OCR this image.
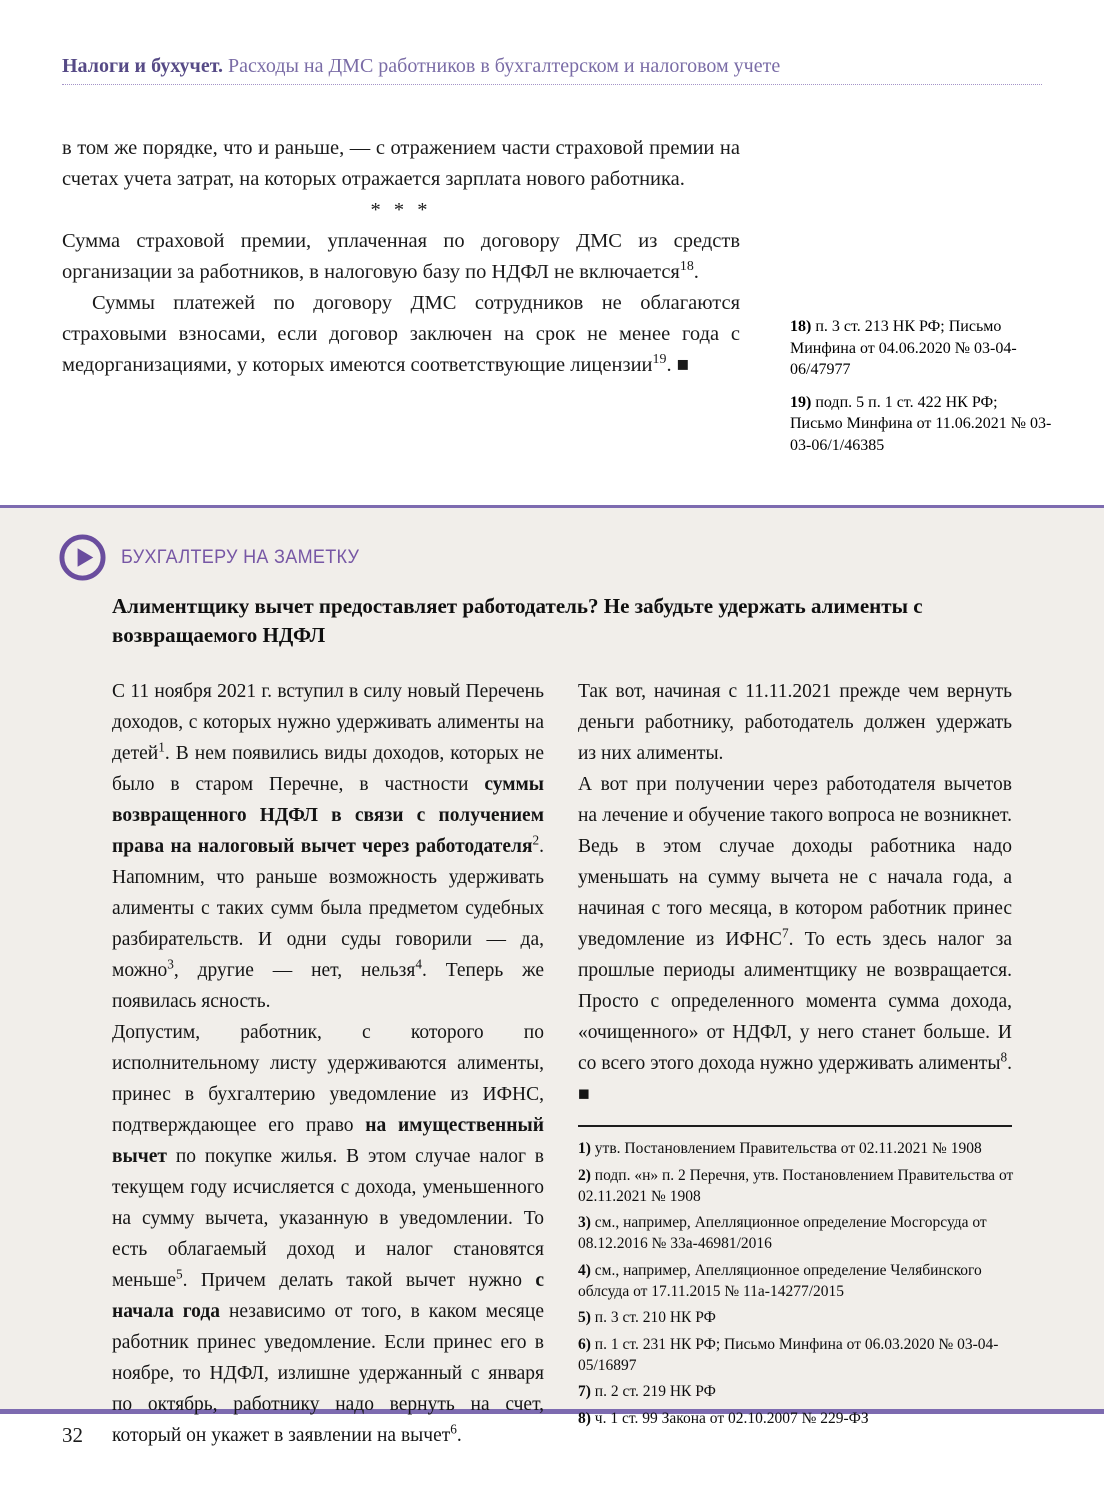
Налоги и бухучет. Расходы на ДМС работников в бухгалтерском и налоговом учете

в том же порядке, что и раньше, — с отражением части страховой премии на счетах учета затрат, на которых отражается зарплата нового работника.

* * *

Сумма страховой премии, уплаченная по договору ДМС из средств организации за работников, в налоговую базу по НДФЛ не включается$^{18}$.

Суммы платежей по договору ДМС сотрудников не облагаются страховыми взносами, если договор заключен на срок не менее года с медорганизациями, у которых имеются соответствующие лицензии$^{19}$. ■

18) п. 3 ст. 213 НК РФ; Письмо Минфина от 04.06.2020 № 03-04-06/47977
19) подп. 5 п. 1 ст. 422 НК РФ; Письмо Минфина от 11.06.2021 № 03-03-06/1/46385
БУХГАЛТЕРУ НА ЗАМЕТКУ
Алиментщику вычет предоставляет работодатель? Не забудьте удержать алименты с возвращаемого НДФЛ

С 11 ноября 2021 г. вступил в силу новый Перечень доходов, с которых нужно удерживать алименты на детей$^1$. В нем появились виды доходов, которых не было в старом Перечне, в частности суммы возвращенного НДФЛ в связи с получением права на налоговый вычет через работодателя$^2$. Напомним, что раньше возможность удерживать алименты с таких сумм была предметом судебных разбирательств. И одни суды говорили — да, можно$^3$, другие — нет, нельзя$^4$. Теперь же появилась ясность.

Допустим, работник, с которого по исполнительному листу удерживаются алименты, принес в бухгалтерию уведомление из ИФНС, подтверждающее его право на имущественный вычет по покупке жилья. В этом случае налог в текущем году исчисляется с дохода, уменьшенного на сумму вычета, указанную в уведомлении. То есть облагаемый доход и налог становятся меньше$^5$. Причем делать такой вычет нужно с начала года независимо от того, в каком месяце работник принес уведомление. Если принес его в ноябре, то НДФЛ, излишне удержанный с января по октябрь, работнику надо вернуть на счет, который он укажет в заявлении на вычет$^6$.

Так вот, начиная с 11.11.2021 прежде чем вернуть деньги работнику, работодатель должен удержать из них алименты.

А вот при получении через работодателя вычетов на лечение и обучение такого вопроса не возникнет. Ведь в этом случае доходы работника надо уменьшать на сумму вычета не с начала года, а начиная с того месяца, в котором работник принес уведомление из ИФНС$^7$. То есть здесь налог за прошлые периоды алиментщику не возвращается. Просто с определенного момента сумма дохода, «очищенного» от НДФЛ, у него станет больше. И со всего этого дохода нужно удерживать алименты$^8$. ■

1) утв. Постановлением Правительства от 02.11.2021 № 1908
2) подп. «н» п. 2 Перечня, утв. Постановлением Правительства от 02.11.2021 № 1908
3) см., например, Апелляционное определение Мосгорсуда от 08.12.2016 № 33а-46981/2016
4) см., например, Апелляционное определение Челябинского облсуда от 17.11.2015 № 11а-14277/2015
5) п. 3 ст. 210 НК РФ
6) п. 1 ст. 231 НК РФ; Письмо Минфина от 06.03.2020 № 03-04-05/16897
7) п. 2 ст. 219 НК РФ
8) ч. 1 ст. 99 Закона от 02.10.2007 № 229-ФЗ
32
